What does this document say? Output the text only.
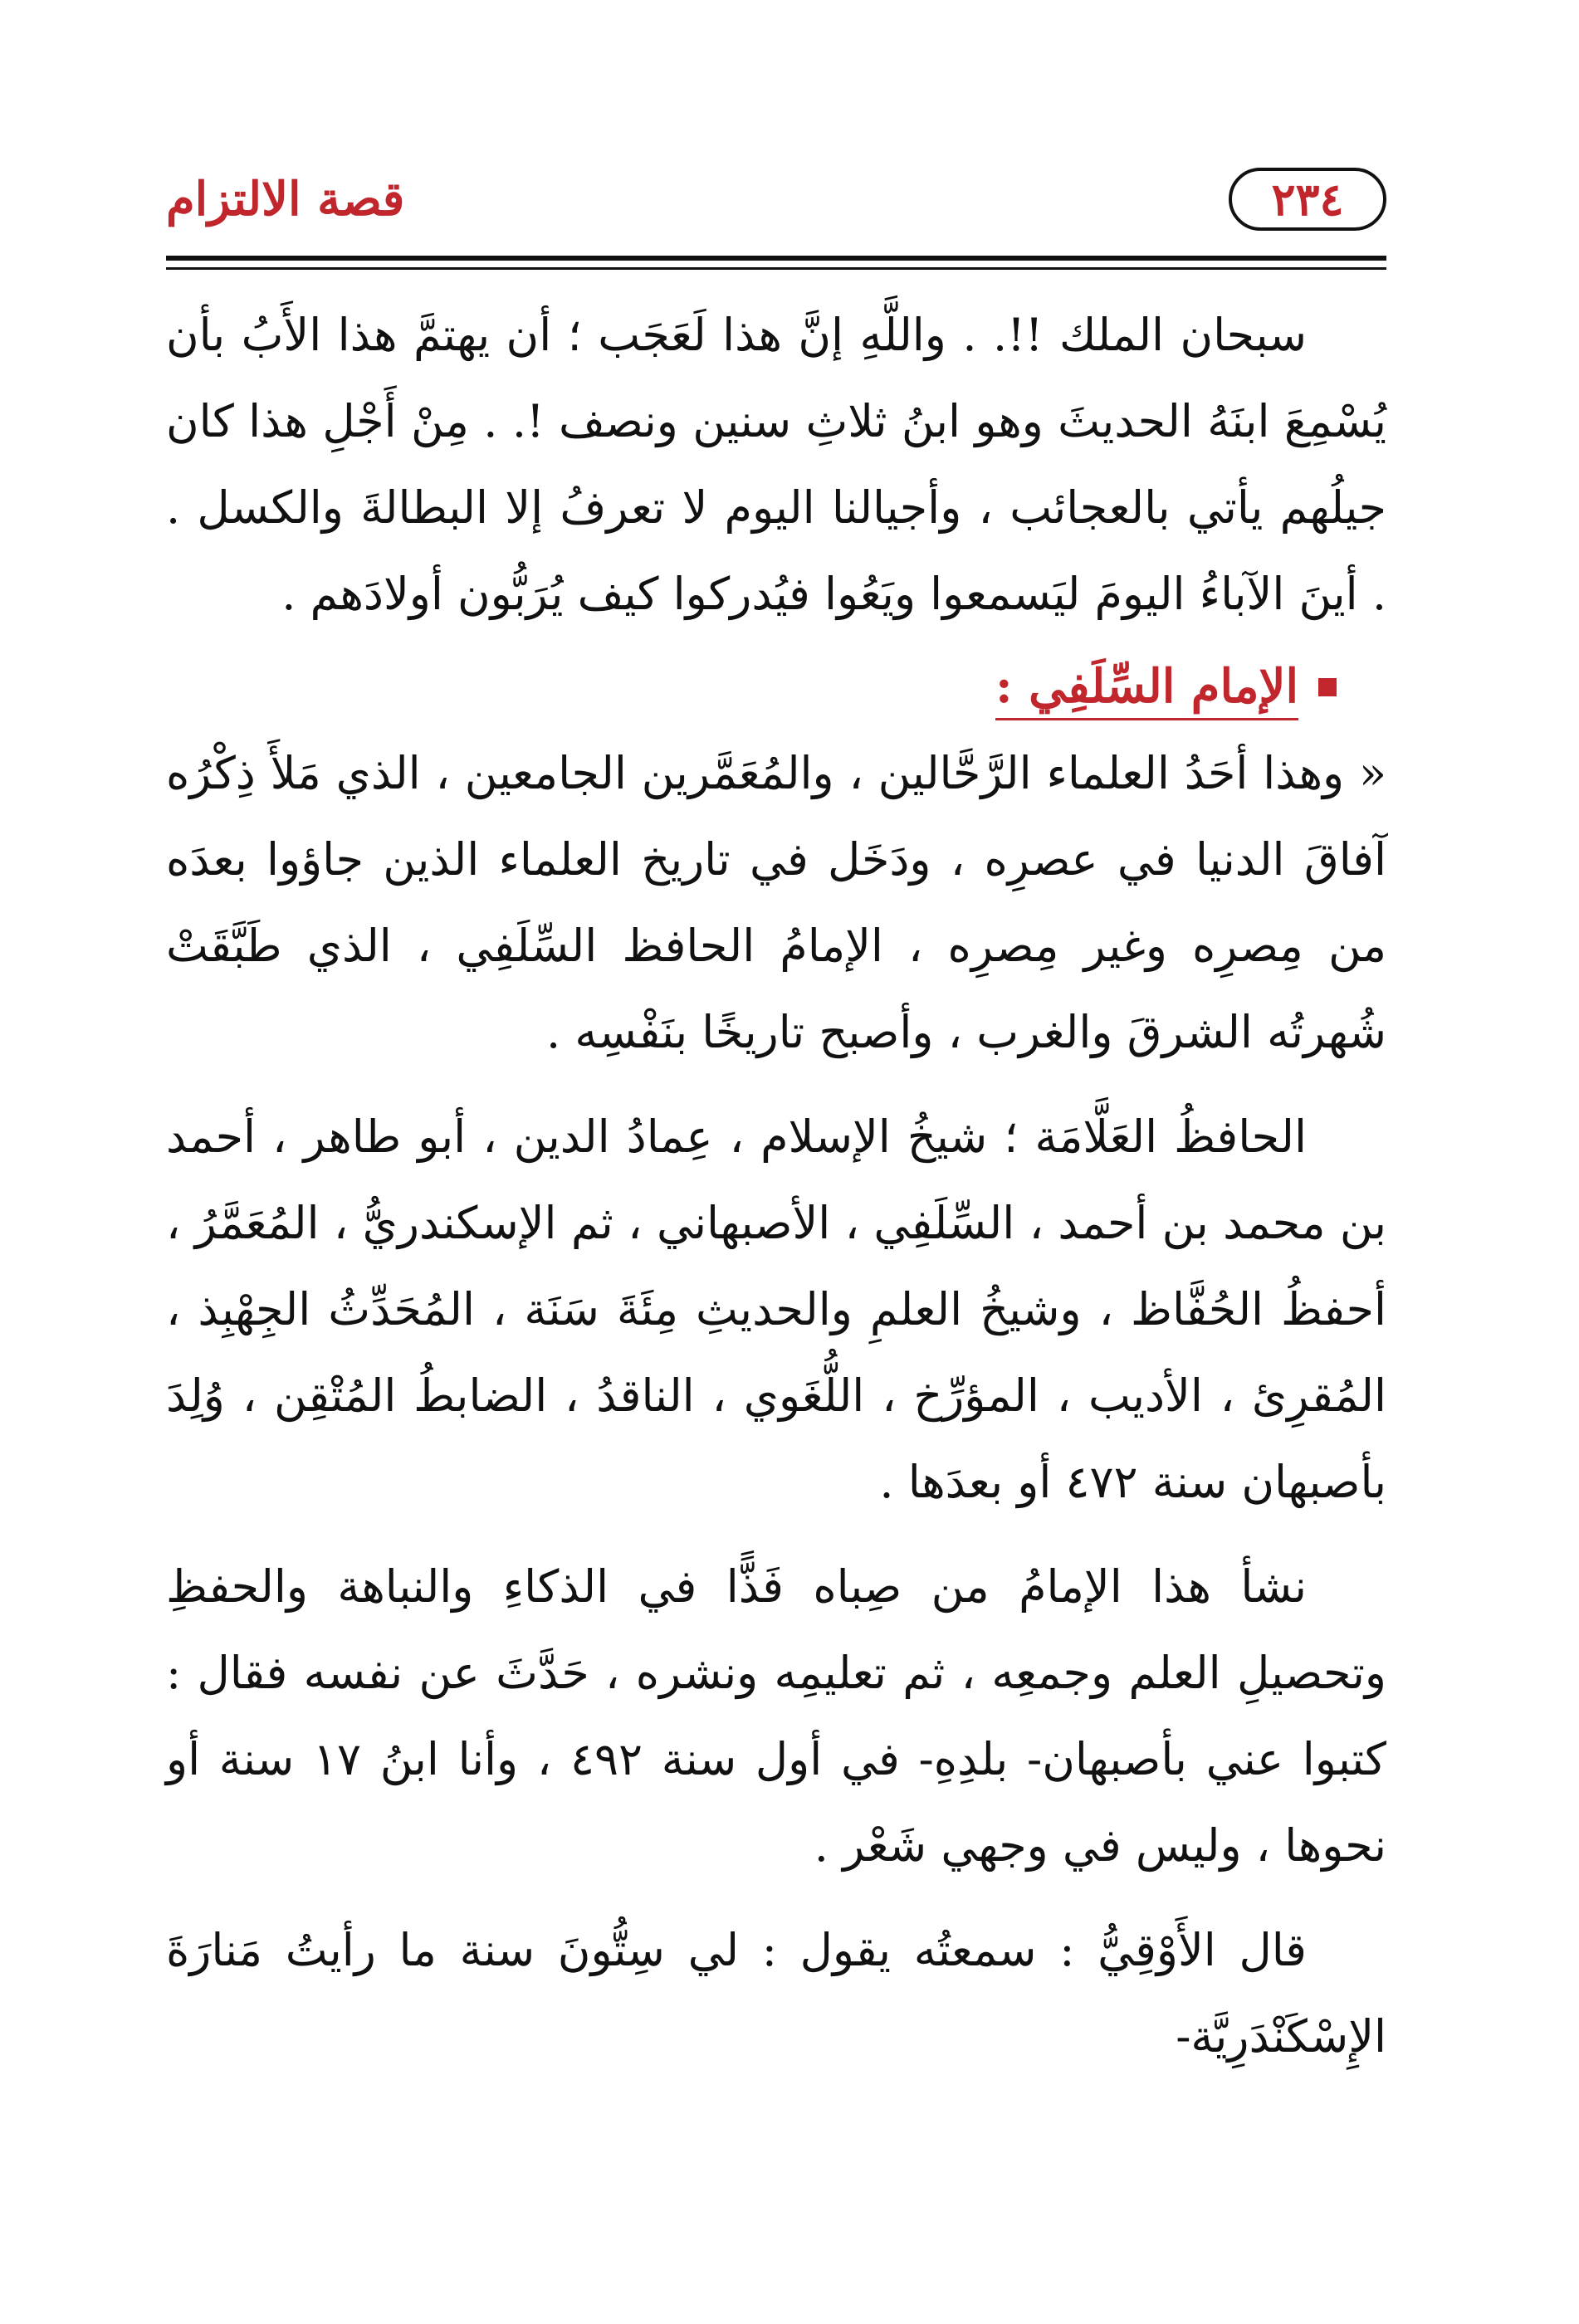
٢٣٤
قصة الالتزام

سبحان الملك !!. . واللَّهِ إنَّ هذا لَعَجَب ؛ أن يهتمَّ هذا الأَبُ بأن يُسْمِعَ ابنَهُ الحديثَ وهو ابنُ ثلاثِ سنين ونصف !. . مِنْ أَجْلِ هذا كان جيلُهم يأتي بالعجائب ، وأجيالنا اليوم لا تعرفُ إلا البطالةَ والكسل . . أينَ الآباءُ اليومَ ليَسمعوا ويَعُوا فيُدركوا كيف يُرَبُّون أولادَهم .

الإمام السِّلَفِي :

« وهذا أحَدُ العلماء الرَّحَّالين ، والمُعَمَّرين الجامعين ، الذي مَلأَ ذِكْرُه آفاقَ الدنيا في عصرِه ، ودَخَل في تاريخ العلماء الذين جاؤوا بعدَه من مِصرِه وغير مِصرِه ، الإمامُ الحافظ السِّلَفِي ، الذي طَبَّقَتْ شُهرتُه الشرقَ والغرب ، وأصبح تاريخًا بنَفْسِه .

الحافظُ العَلَّامَة ؛ شيخُ الإسلام ، عِمادُ الدين ، أبو طاهر ، أحمد بن محمد بن أحمد ، السِّلَفِي ، الأصبهاني ، ثم الإسكندريُّ ، المُعَمَّرُ ، أحفظُ الحُفَّاظ ، وشيخُ العلمِ والحديثِ مِئَةَ سَنَة ، المُحَدِّثُ الجِهْبِذ ، المُقرِئ ، الأديب ، المؤرِّخ ، اللُّغَوي ، الناقدُ ، الضابطُ المُتْقِن ، وُلِدَ بأصبهان سنة ٤٧٢ أو بعدَها .

نشأ هذا الإمامُ من صِباه فَذًّا في الذكاءِ والنباهة والحفظِ وتحصيلِ العلم وجمعِه ، ثم تعليمِه ونشره ، حَدَّثَ عن نفسه فقال : كتبوا عني بأصبهان- بلدِهِ- في أول سنة ٤٩٢ ، وأنا ابنُ ١٧ سنة أو نحوها ، وليس في وجهي شَعْر .

قال الأَوْقِيُّ : سمعتُه يقول : لي سِتُّونَ سنة ما رأيتُ مَنارَةَ الإِسْكَنْدَرِيَّة-
